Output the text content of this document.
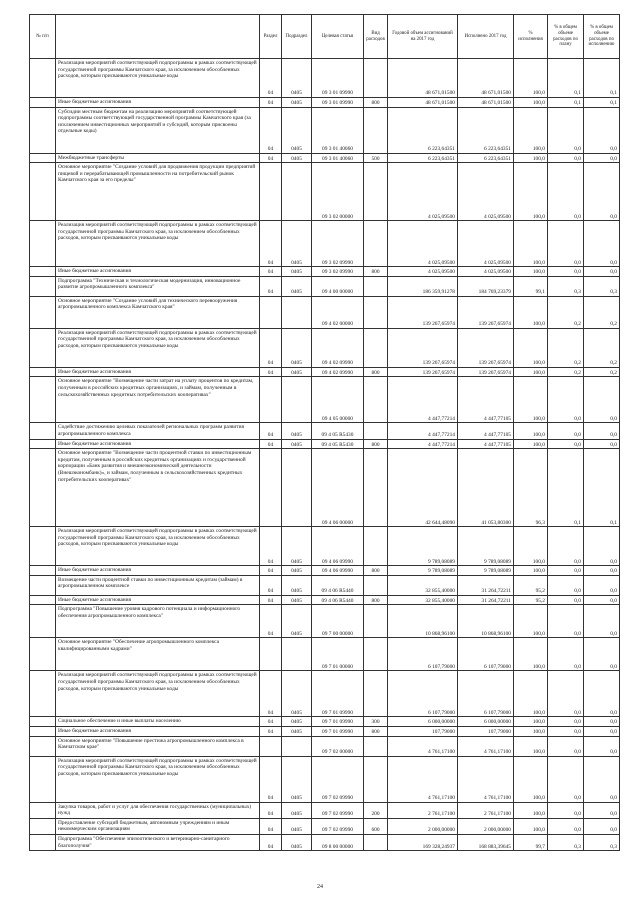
№ п/п		Раздел	Подраздел	Целевая статья	Вид расходов	Годовой объем ассигнований на 2017 год	Исполнено 2017 год	% исполнения	% в общем объеме расходов по плану	% в общем объеме расходов по исполнению
	Реализация мероприятий соответствующей подпрограммы в рамках соответствующей государственной программы Камчатского края, за исключением обособленных расходов, которым присваиваются уникальные коды	04	0405	09 3 01 09990		48 671,01500	48 671,01500	100,0	0,1	0,1
	Иные бюджетные ассигнования	04	0405	09 3 01 09990	800	48 671,01500	48 671,01500	100,0	0,1	0,1
	Субсидии местным бюджетам на реализацию мероприятий соответствующей подпрограммы соответствующей государственной программы Камчатского края (за исключением инвестиционных мероприятий и субсидий, которым присвоены отдельные коды)	04	0405	09 3 01 40060		6 223,64351	6 223,64351	100,0	0,0	0,0
	Межбюджетные трансферты	04	0405	09 3 01 40060	500	6 223,64351	6 223,64351	100,0	0,0	0,0
	Основное мероприятие "Создание условий для продвижения продукции предприятий пищевой и перерабатывающей промышленности на потребительский рынок Камчатского края за его пределы"			09 3 02 00000		4 025,09500	4 025,09500	100,0	0,0	0,0
	Реализация мероприятий соответствующей подпрограммы в рамках соответствующей государственной программы Камчатского края, за исключением обособленных расходов, которым присваиваются уникальные коды	04	0405	09 3 02 09990		4 025,09500	4 025,09500	100,0	0,0	0,0
	Иные бюджетные ассигнования	04	0405	09 3 02 09990	800	4 025,09500	4 025,09500	100,0	0,0	0,0
	Подпрограмма "Техническая и технологическая модернизация, инновационное развитие агропромышленного комплекса"	04	0405	09 4 00 00000		186 359,91278	184 769,23379	99,1	0,3	0,3
	Основное мероприятие "Создание условий для технического перевооружения агропромышленного комплекса Камчатского края"			09 4 02 00000		139 267,65974	139 267,65974	100,0	0,2	0,2
	Реализация мероприятий соответствующей подпрограммы в рамках соответствующей государственной программы Камчатского края, за исключением обособленных расходов, которым присваиваются уникальные коды	04	0405	09 4 02 09990		139 267,65974	139 267,65974	100,0	0,2	0,2
	Иные бюджетные ассигнования	04	0405	09 4 02 09990	800	139 267,65974	139 267,65974	100,0	0,2	0,2
	Основное мероприятие "Возмещение части затрат на уплату процентов по кредитам, полученным в российских кредитных организациях, и займам, полученным в сельскохозяйственных кредитных потребительских кооперативах"			09 4 05 00000		4 447,77214	4 447,77105	100,0	0,0	0,0
	Содействие достижению целевых показателей региональных программ развития агропромышленного комплекса	04	0405	09 4 05 R5430		4 447,77214	4 447,77105	100,0	0,0	0,0
	Иные бюджетные ассигнования	04	0405	09 4 05 R5430	800	4 447,77214	4 447,77105	100,0	0,0	0,0
	Основное мероприятие "Возмещение части процентной ставки по инвестиционным кредитам, полученным в российских кредитных организациях и государственной корпорации «Банк развития и внешнеэкономической деятельности (Внешэкономбанк)», и займам, полученным в сельскохозяйственных кредитных потребительских кооперативах"			09 4 06 00000		42 644,48090	41 053,80300	96,3	0,1	0,1
	Реализация мероприятий соответствующей подпрограммы в рамках соответствующей государственной программы Камчатского края, за исключением обособленных расходов, которым присваиваются уникальные коды	04	0405	09 4 06 09990		9 789,08089	9 789,08089	100,0	0,0	0,0
	Иные бюджетные ассигнования	04	0405	09 4 06 09990	800	9 789,08089	9 789,08089	100,0	0,0	0,0
	Возмещение части процентной ставки по инвестиционным кредитам (займам) в агропромышленном комплексе	04	0405	09 4 06 R5440		32 855,40000	31 264,72211	95,2	0,0	0,0
	Иные бюджетные ассигнования	04	0405	09 4 06 R5440	800	32 855,40000	31 264,72211	95,2	0,0	0,0
	Подпрограмма "Повышение уровня кадрового потенциала и информационного обеспечения агропромышленного комплекса"	04	0405	09 7 00 00000		10 868,96100	10 868,96100	100,0	0,0	0,0
	Основное мероприятие "Обеспечение агропромышленного комплекса квалифицированными кадрами"			09 7 01 00000		6 107,79000	6 107,79000	100,0	0,0	0,0
	Реализация мероприятий соответствующей подпрограммы в рамках соответствующей государственной программы Камчатского края, за исключением обособленных расходов, которым присваиваются уникальные коды	04	0405	09 7 01 09990		6 107,79000	6 107,79000	100,0	0,0	0,0
	Социальное обеспечение и иные выплаты населению	04	0405	09 7 01 09990	300	6 000,00000	6 000,00000	100,0	0,0	0,0
	Иные бюджетные ассигнования	04	0405	09 7 01 09990	800	107,79000	107,79000	100,0	0,0	0,0
	Основное мероприятие "Повышение престижа агропромышленного комплекса в Камчатском крае"			09 7 02 00000		4 761,17100	4 761,17100	100,0	0,0	0,0
	Реализация мероприятий соответствующей подпрограммы в рамках соответствующей государственной программы Камчатского края, за исключением обособленных расходов, которым присваиваются уникальные коды	04	0405	09 7 02 09990		4 761,17100	4 761,17100	100,0	0,0	0,0
	Закупка товаров, работ и услуг для обеспечения государственных (муниципальных) нужд	04	0405	09 7 02 09990	200	2 761,17100	2 761,17100	100,0	0,0	0,0
	Предоставление субсидий бюджетным, автономным учреждениям и иным некоммерческим организациям	04	0405	09 7 02 09990	600	2 000,00000	2 000,00000	100,0	0,0	0,0
	Подпрограмма "Обеспечение эпизоотического и ветеринарно-санитарного благополучия"	04	0405	09 8 00 00000		169 328,24937	168 883,39645	99,7	0,3	0,3
24
